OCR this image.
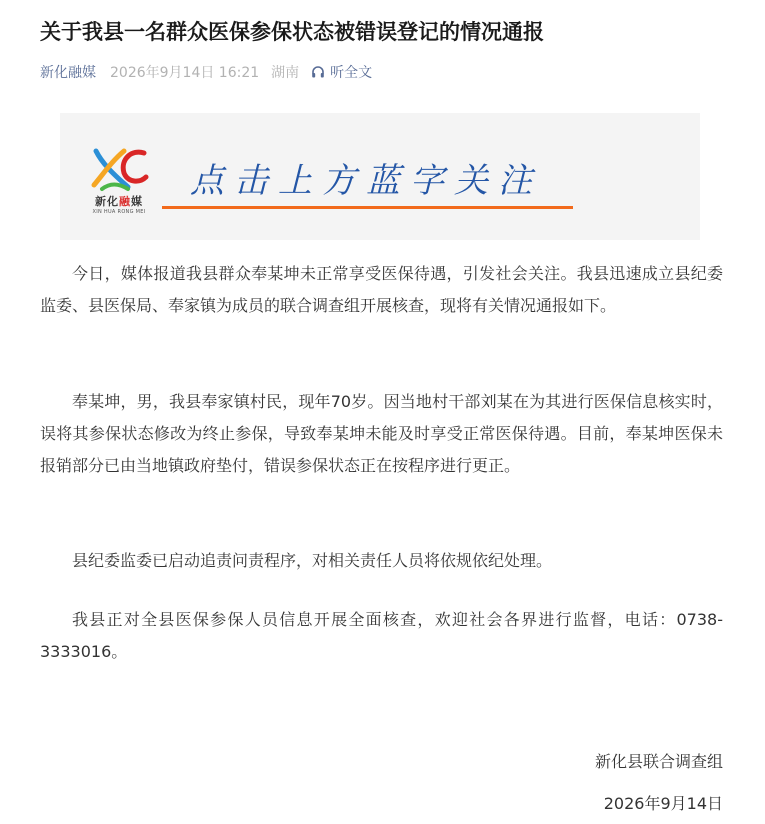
关于我县一名群众医保参保状态被错误登记的情况通报
新化融媒 2026年9月14日 16:21 湖南 听全文
新化融媒
XIN HUA RONG MEI
点击上方蓝字关注

今日，媒体报道我县群众奉某坤未正常享受医保待遇，引发社会关注。我县迅速成立县纪委监委、县医保局、奉家镇为成员的联合调查组开展核查，现将有关情况通报如下。

奉某坤，男，我县奉家镇村民，现年70岁。因当地村干部刘某在为其进行医保信息核实时，误将其参保状态修改为终止参保，导致奉某坤未能及时享受正常医保待遇。目前，奉某坤医保未报销部分已由当地镇政府垫付，错误参保状态正在按程序进行更正。

县纪委监委已启动追责问责程序，对相关责任人员将依规依纪处理。

我县正对全县医保参保人员信息开展全面核查，欢迎社会各界进行监督，电话：0738-3333016。

新化县联合调查组
2026年9月14日
